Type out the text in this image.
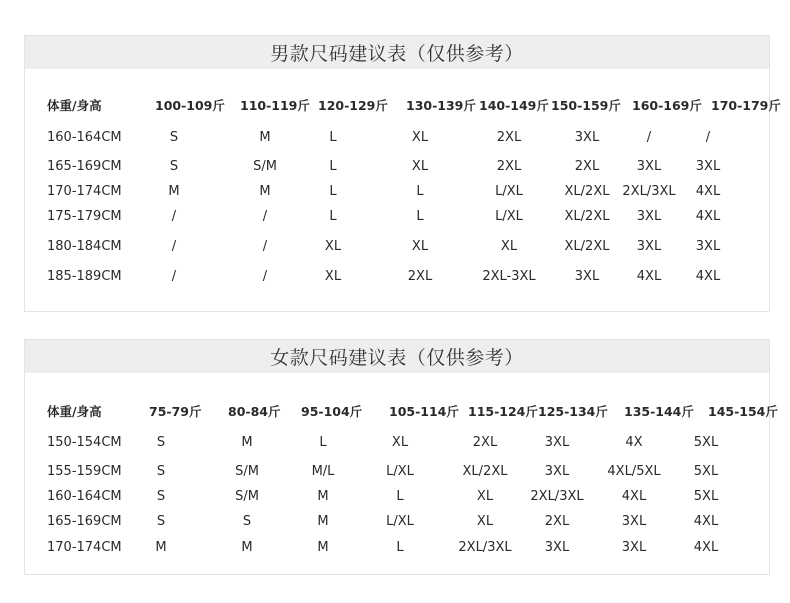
男款尺码建议表（仅供参考）
体重/身高	100-109斤 110-119斤 120-129斤 130-139斤 140-149斤 150-159斤 160-169斤 170-179斤
160-164CM	S	M	L	XL	2XL	3XL	/	/
165-169CM	S	S/M	L	XL	2XL	2XL	3XL	3XL
170-174CM	M	M	L	L	L/XL	XL/2XL 2XL/3XL 4XL
175-179CM	/	/	L	L	L/XL	XL/2XL 3XL	4XL
180-184CM	/	/	XL	XL	XL	XL/2XL 3XL	3XL
185-189CM	/	/	XL	2XL	2XL-3XL	3XL	4XL	4XL
女款尺码建议表（仅供参考）
体重/身高	75-79斤 80-84斤 95-104斤 105-114斤 115-124斤 125-134斤 135-144斤 145-154斤
150-154CM	S	M	L	XL	2XL	3XL	4X	5XL
155-159CM	S	S/M	M/L	L/XL	XL/2XL	3XL	4XL/5XL	5XL
160-164CM	S	S/M	M	L	XL	2XL/3XL	4XL	5XL
165-169CM	S	S	M	L/XL	XL	2XL	3XL	4XL
170-174CM	M	M	M	L	2XL/3XL	3XL	3XL	4XL
